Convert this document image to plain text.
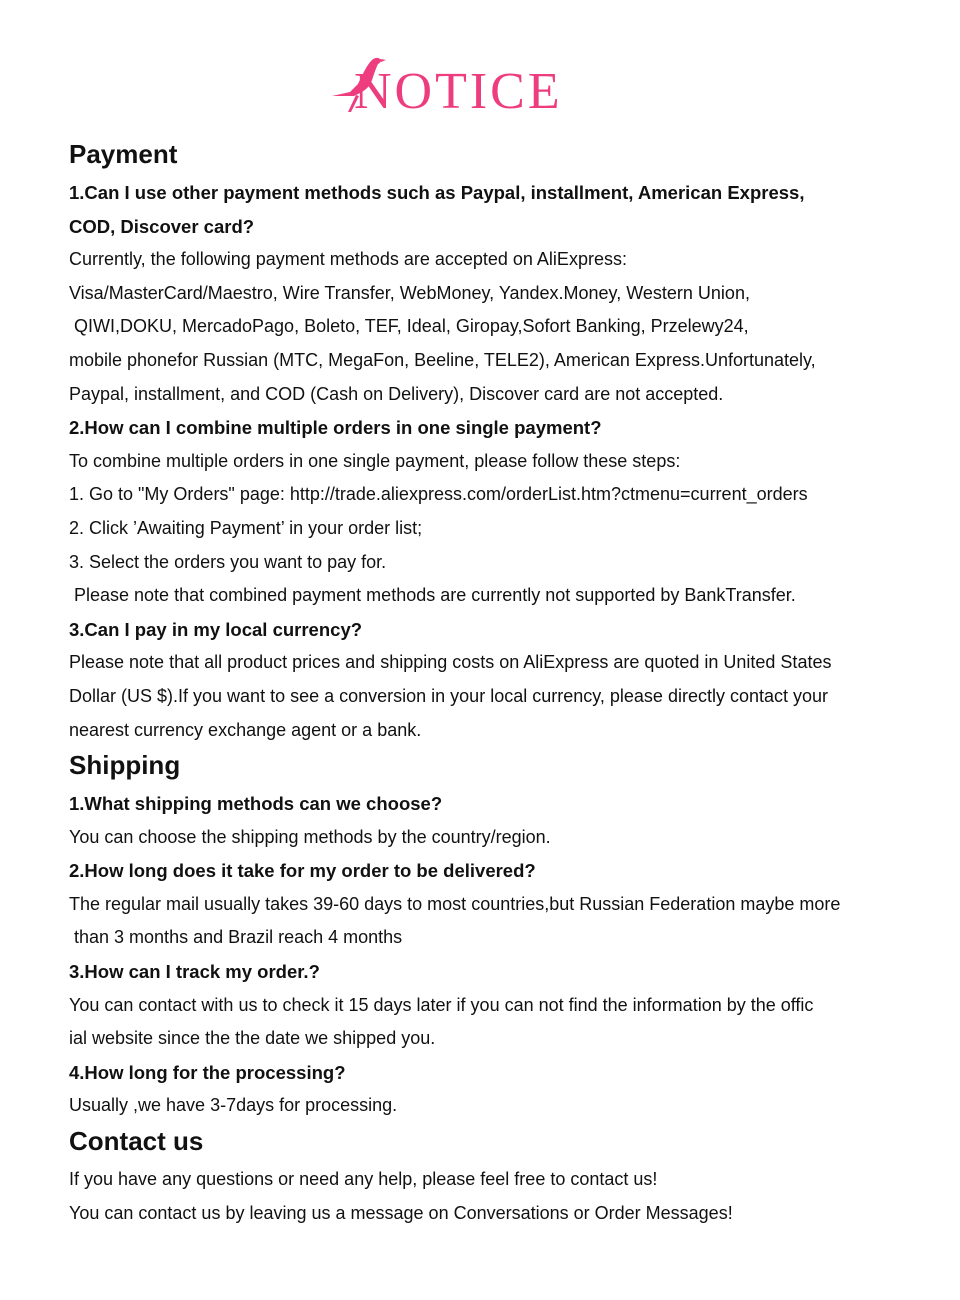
NOTICE
Payment

1.Can I use other payment methods such as Paypal, installment, American Express,

COD, Discover card?

Currently, the following payment methods are accepted on AliExpress:

Visa/MasterCard/Maestro, Wire Transfer, WebMoney, Yandex.Money, Western Union,

QIWI,DOKU, MercadoPago, Boleto, TEF, Ideal, Giropay,Sofort Banking, Przelewy24,

mobile phonefor Russian (MTC, MegaFon, Beeline, TELE2), American Express.Unfortunately,

Paypal, installment, and COD (Cash on Delivery), Discover card are not accepted.

2.How can I combine multiple orders in one single payment?

To combine multiple orders in one single payment, please follow these steps:

1. Go to "My Orders" page: http://trade.aliexpress.com/orderList.htm?ctmenu=current_orders

2. Click ’Awaiting Payment’ in your order list;

3. Select the orders you want to pay for.

Please note that combined payment methods are currently not supported by BankTransfer.

3.Can I pay in my local currency?

Please note that all product prices and shipping costs on AliExpress are quoted in United States

Dollar (US $).If you want to see a conversion in your local currency, please directly contact your

nearest currency exchange agent or a bank.

Shipping

1.What shipping methods can we choose?

You can choose the shipping methods by the country/region.

2.How long does it take for my order to be delivered?

The regular mail usually takes 39-60 days to most countries,but Russian Federation maybe more

than 3 months and Brazil reach 4 months

3.How can I track my order.?

You can contact with us to check it 15 days later if you can not find the information by the offic

ial website since the the date we shipped you.

4.How long for the processing?

Usually ,we have 3-7days for processing.

Contact us

If you have any questions or need any help, please feel free to contact us!

You can contact us by leaving us a message on Conversations or Order Messages!
